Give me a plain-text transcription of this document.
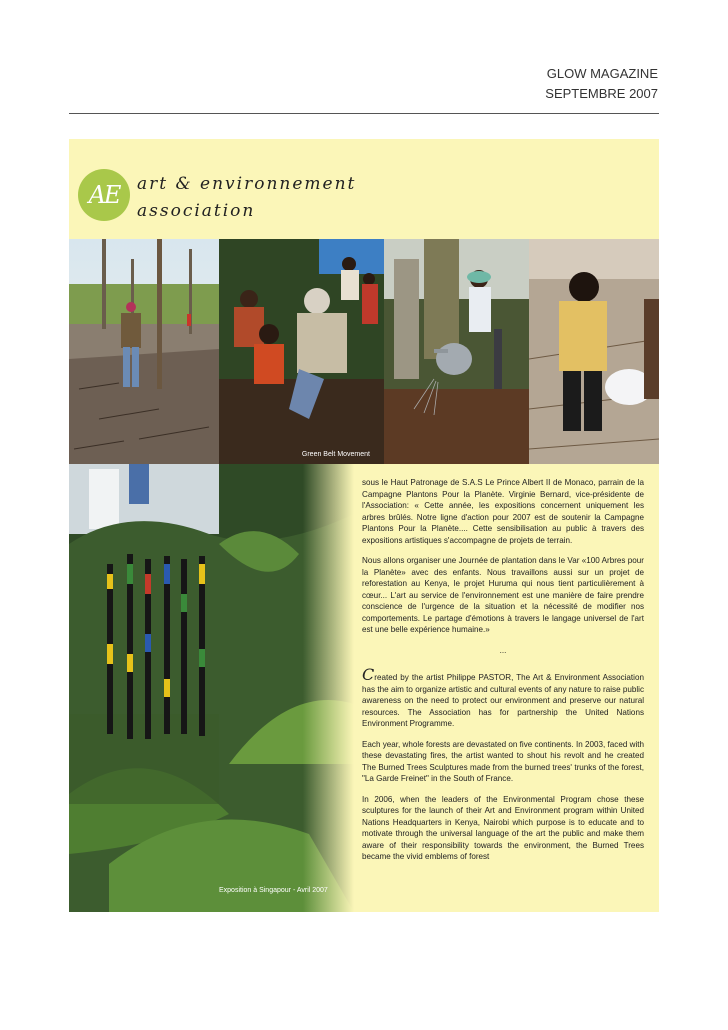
GLOW MAGAZINE
SEPTEMBRE 2007
AE	art & environnement
association
Green Belt Movement
Exposition à Singapour - Avril 2007

sous le Haut Patronage de S.A.S Le Prince Albert II de Monaco, parrain de la Campagne Plantons Pour la Planète. Virginie Bernard, vice-présidente de l'Association: « Cette année, les expositions concernent uniquement les arbres brûlés. Notre ligne d'action pour 2007 est de soutenir la Campagne Plantons Pour la Planète.... Cette sensibilisation au public à travers des expositions artistiques s'accompagne de projets de terrain.

Nous allons organiser une Journée de plantation dans le Var «100 Arbres pour la Planète» avec des enfants. Nous travaillons aussi sur un projet de reforestation au Kenya, le projet Huruma qui nous tient particulièrement à cœur... L'art au service de l'environnement est une manière de faire prendre conscience de l'urgence de la situation et la nécessité de modifier nos comportements. Le partage d'émotions à travers le langage universel de l'art est une belle expérience humaine.»

...

Created by the artist Philippe PASTOR, The Art & Environment Association has the aim to organize artistic and cultural events of any nature to raise public awareness on the need to protect our environment and preserve our natural resources. The Association has for partnership the United Nations Environment Programme.

Each year, whole forests are devastated on five continents. In 2003, faced with these devastating fires, the artist wanted to shout his revolt and he created The Burned Trees Sculptures made from the burned trees' trunks of the forest, "La Garde Freinet" in the South of France.

In 2006, when the leaders of the Environmental Program chose these sculptures for the launch of their Art and Environment program within United Nations Headquarters in Kenya, Nairobi which purpose is to educate and to motivate through the universal language of the art the public and make them aware of their responsibility towards the environment, the Burned Trees became the vivid emblems of forest
